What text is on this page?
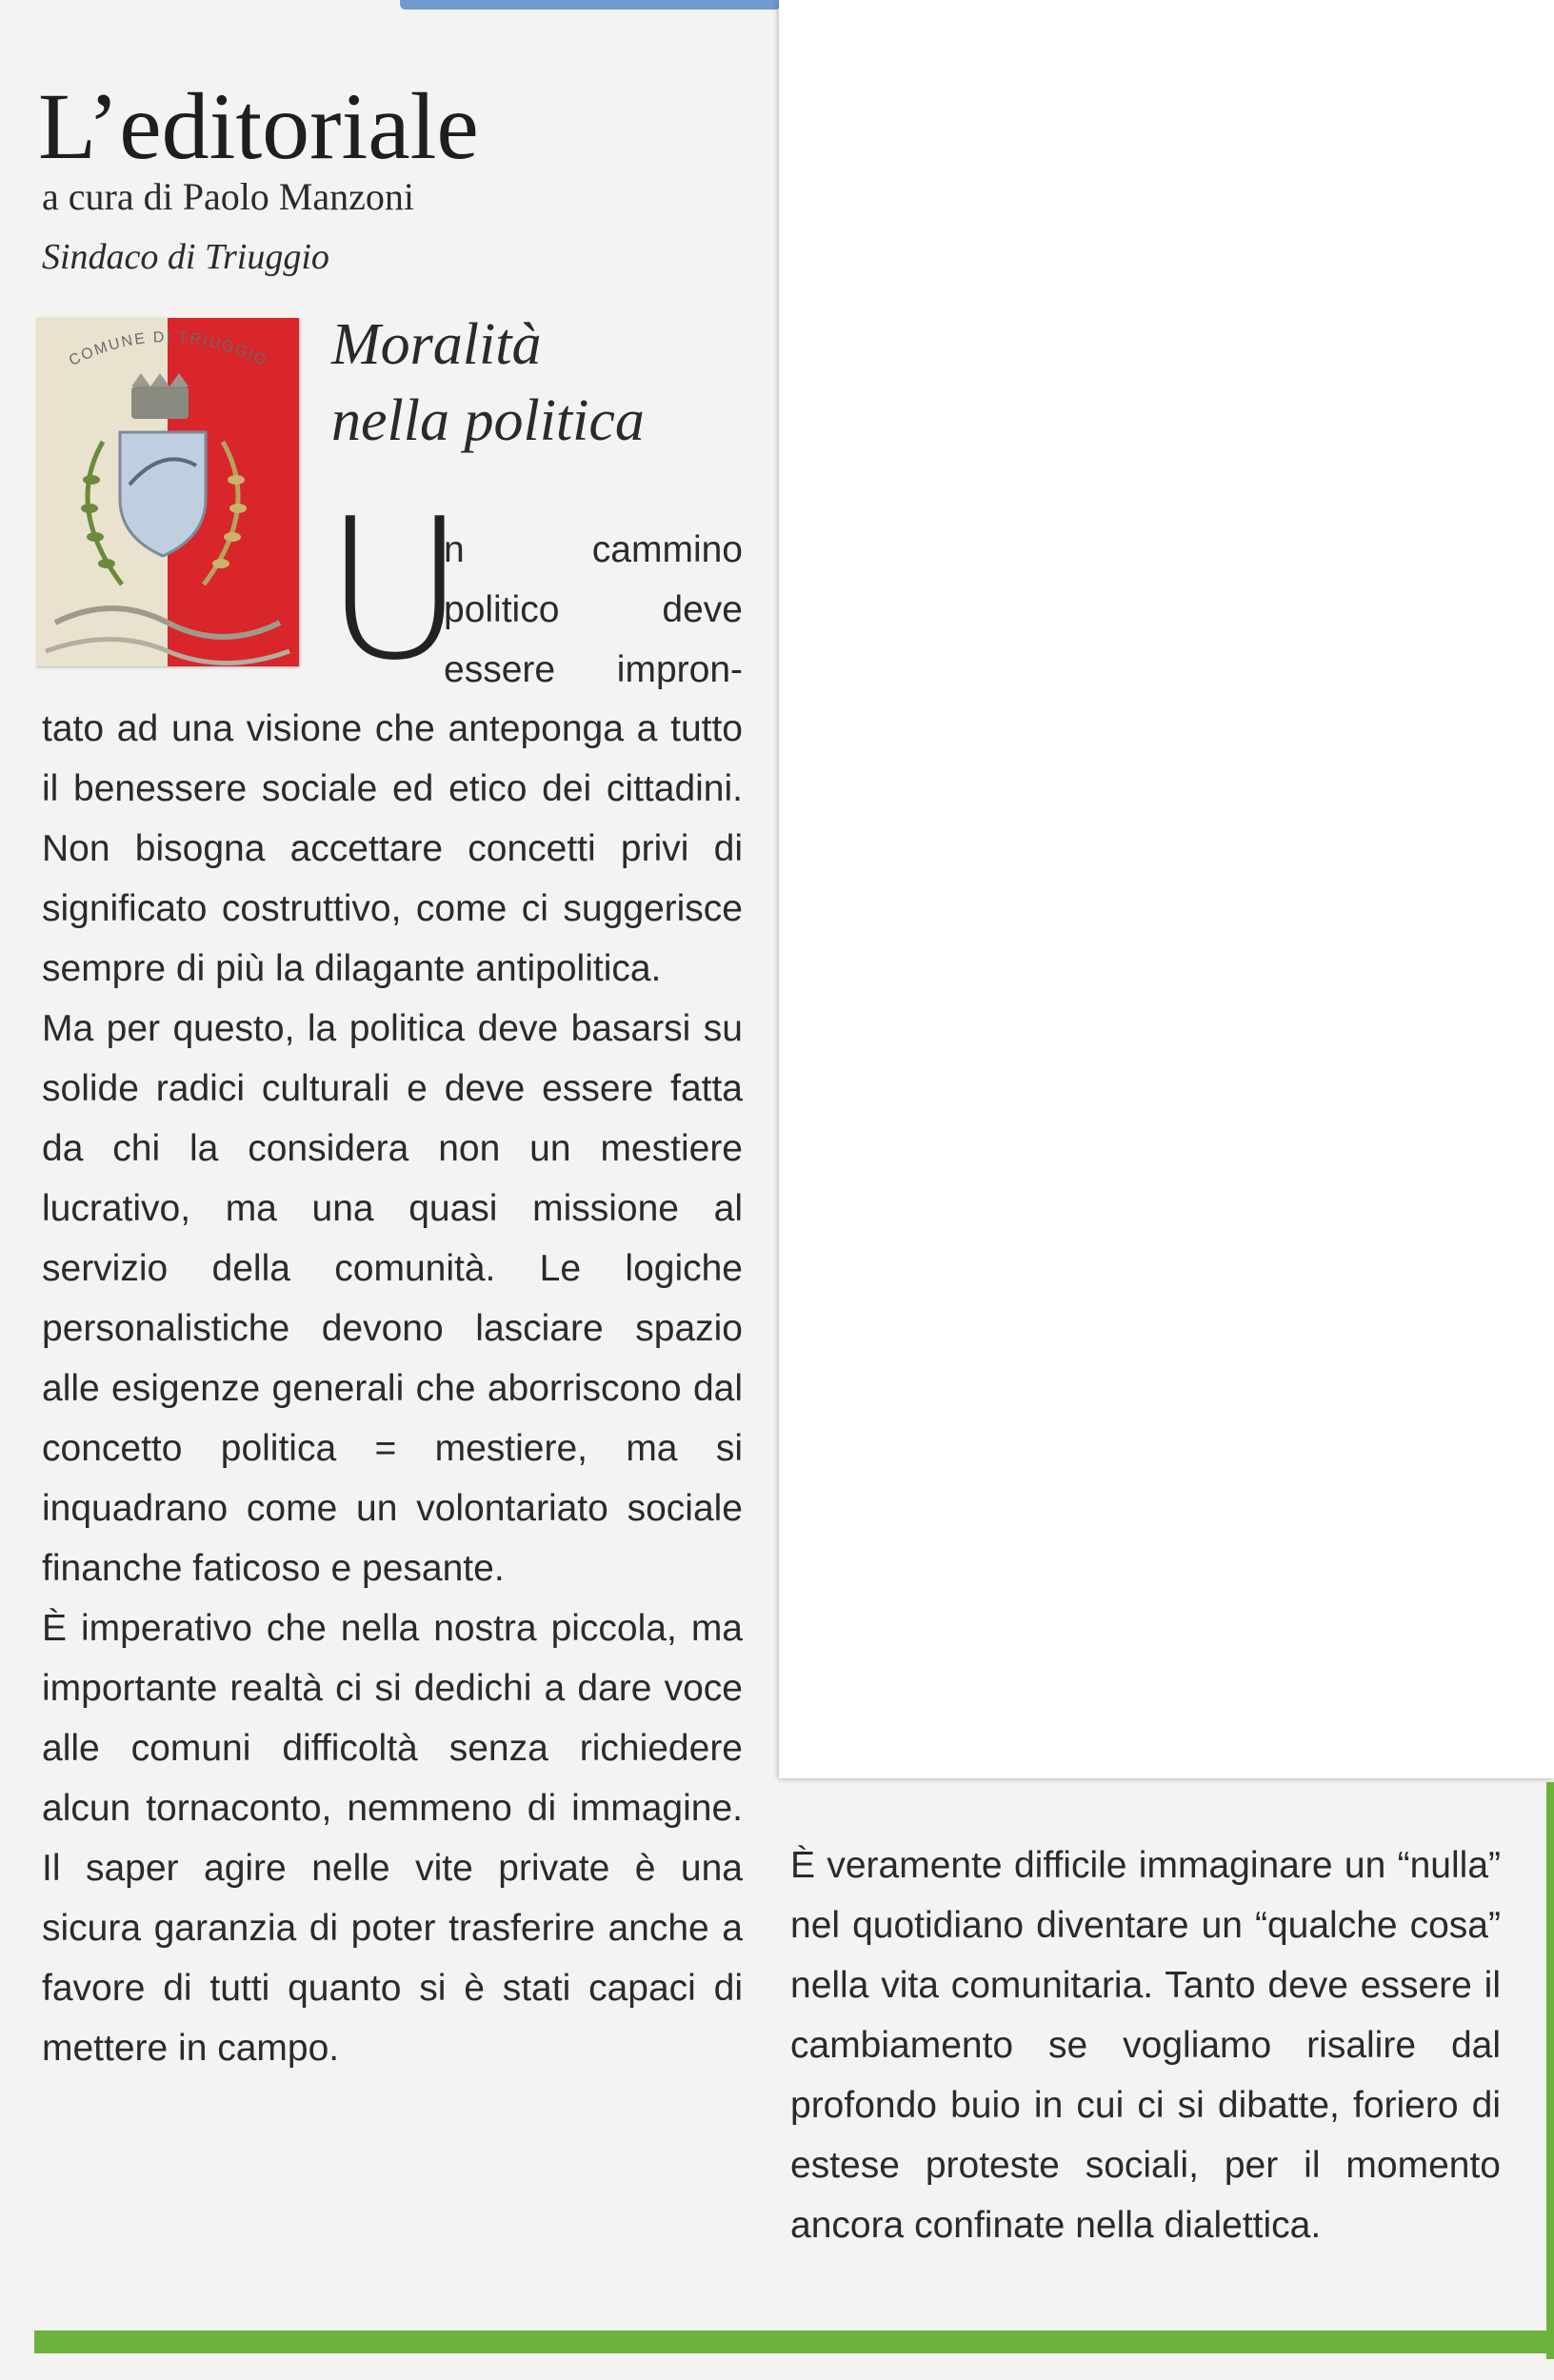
L’editoriale
a cura di Paolo Manzoni
Sindaco di Triuggio
COMUNE DI TRIUGGIO Moralità
nella politica
U
n cammino
politico deve
essere impron-

tato ad una visione che anteponga a tutto il benessere sociale ed etico dei cittadini. Non bisogna accettare concetti privi di significato costruttivo, come ci suggerisce sempre di più la dilagante antipolitica.

Ma per questo, la politica deve basarsi su solide radici culturali e deve essere fatta da chi la considera non un mestiere lucrativo, ma una quasi missione al servizio della comunità. Le logiche personalistiche devono lasciare spazio alle esigenze generali che aborriscono dal concetto politica = mestiere, ma si inquadrano come un volontariato sociale finanche faticoso e pesante.

È imperativo che nella nostra piccola, ma importante realtà ci si dedichi a dare voce alle comuni difficoltà senza richiedere alcun tornaconto, nemmeno di immagine. Il saper agire nelle vite private è una sicura garanzia di poter trasferire anche a favore di tutti quanto si è stati capaci di mettere in campo.

È veramente difficile immaginare un “nulla” nel quotidiano diventare un “qualche cosa” nella vita comunitaria. Tanto deve essere il cambiamento se vogliamo risalire dal profondo buio in cui ci si dibatte, foriero di estese proteste sociali, per il momento ancora confinate nella dialettica.
